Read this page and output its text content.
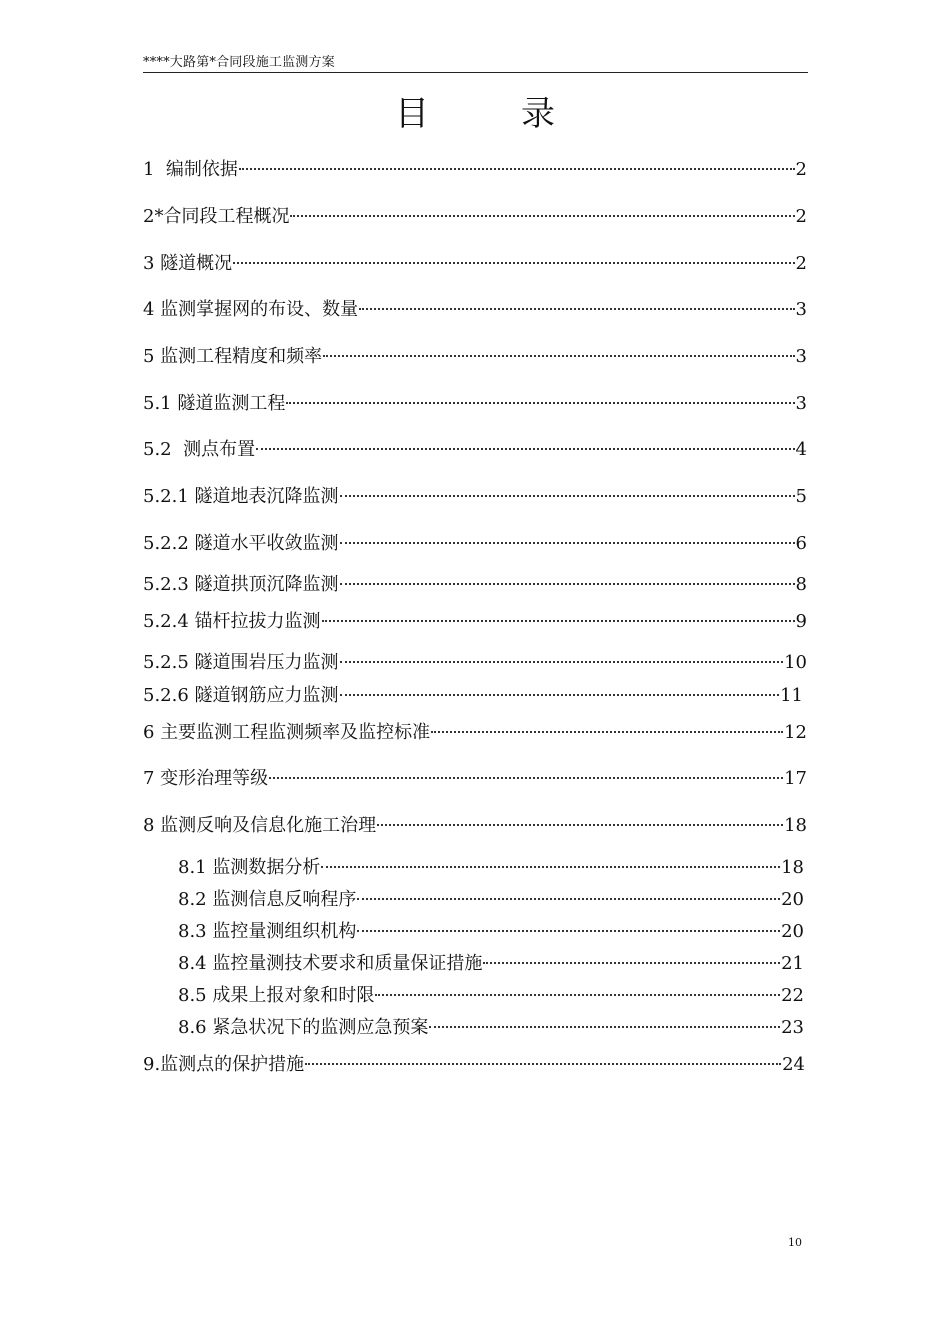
****大路第*合同段施工监测方案
目	录
1  编制依据	2
2*合同段工程概况	2
3 隧道概况	2
4 监测掌握网的布设、数量	3
5 监测工程精度和频率	3
5.1 隧道监测工程	3
5.2  测点布置	4
5.2.1 隧道地表沉降监测	5
5.2.2 隧道水平收敛监测	6
5.2.3 隧道拱顶沉降监测	8
5.2.4 锚杆拉拔力监测	9
5.2.5 隧道围岩压力监测	10
5.2.6 隧道钢筋应力监测	11
6 主要监测工程监测频率及监控标准	12
7 变形治理等级	17
8 监测反响及信息化施工治理	18
8.1 监测数据分析	18
8.2 监测信息反响程序	20
8.3 监控量测组织机构	20
8.4 监控量测技术要求和质量保证措施	21
8.5 成果上报对象和时限	22
8.6 紧急状况下的监测应急预案	23
9.监测点的保护措施	24
10
